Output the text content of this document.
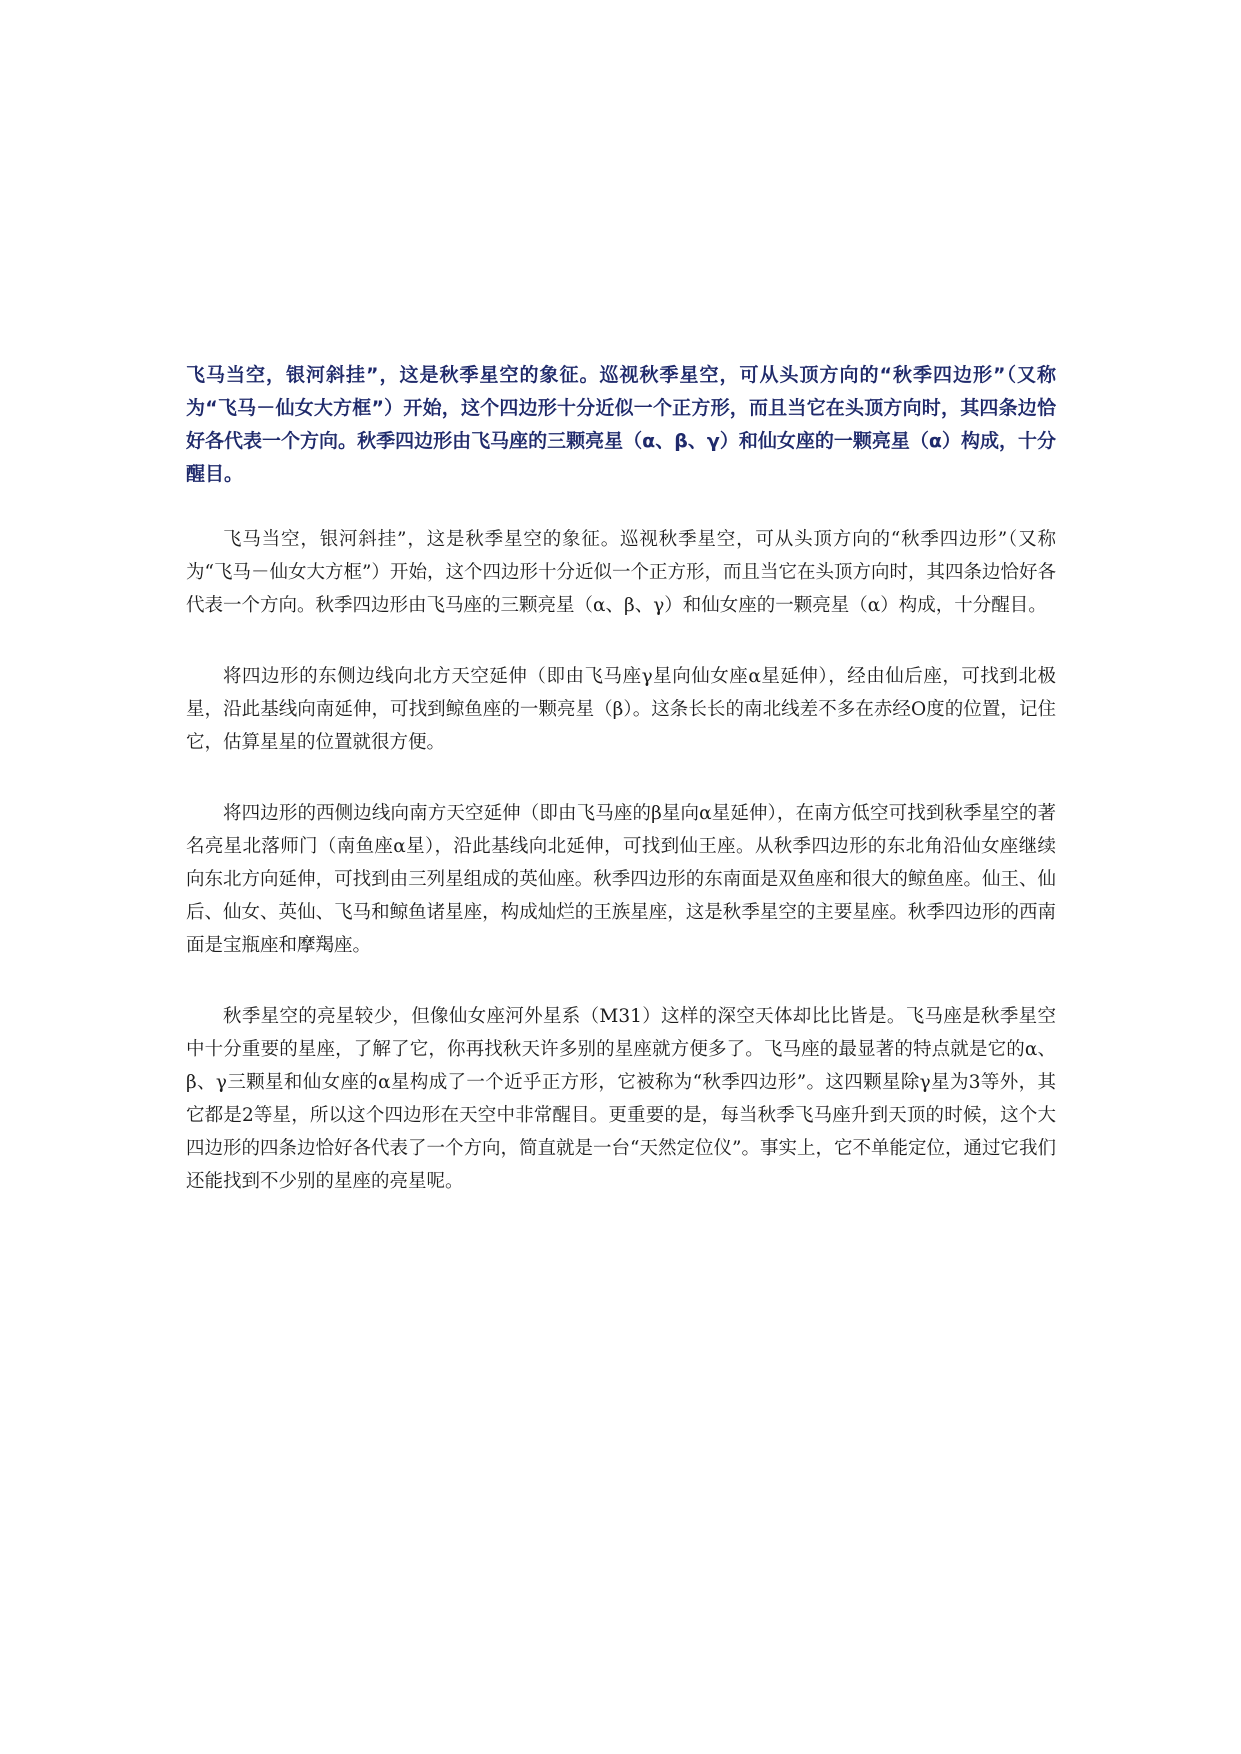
飞马当空，银河斜挂”，这是秋季星空的象征。巡视秋季星空，可从头顶方向的“秋季四边形”（又称为“飞马－仙女大方框”）开始，这个四边形十分近似一个正方形，而且当它在头顶方向时，其四条边恰好各代表一个方向。秋季四边形由飞马座的三颗亮星（α、β、γ）和仙女座的一颗亮星（α）构成，十分醒目。

飞马当空，银河斜挂”，这是秋季星空的象征。巡视秋季星空，可从头顶方向的“秋季四边形”（又称为“飞马－仙女大方框”）开始，这个四边形十分近似一个正方形，而且当它在头顶方向时，其四条边恰好各代表一个方向。秋季四边形由飞马座的三颗亮星（α、β、γ）和仙女座的一颗亮星（α）构成，十分醒目。

将四边形的东侧边线向北方天空延伸（即由飞马座γ星向仙女座α星延伸），经由仙后座，可找到北极星，沿此基线向南延伸，可找到鲸鱼座的一颗亮星（β）。这条长长的南北线差不多在赤经O度的位置，记住它，估算星星的位置就很方便。

将四边形的西侧边线向南方天空延伸（即由飞马座的β星向α星延伸），在南方低空可找到秋季星空的著名亮星北落师门（南鱼座α星），沿此基线向北延伸，可找到仙王座。从秋季四边形的东北角沿仙女座继续向东北方向延伸，可找到由三列星组成的英仙座。秋季四边形的东南面是双鱼座和很大的鲸鱼座。仙王、仙后、仙女、英仙、飞马和鲸鱼诸星座，构成灿烂的王族星座，这是秋季星空的主要星座。秋季四边形的西南面是宝瓶座和摩羯座。

秋季星空的亮星较少，但像仙女座河外星系（M31）这样的深空天体却比比皆是。飞马座是秋季星空中十分重要的星座，了解了它，你再找秋天许多别的星座就方便多了。飞马座的最显著的特点就是它的α、β、γ三颗星和仙女座的α星构成了一个近乎正方形，它被称为“秋季四边形”。这四颗星除γ星为3等外，其它都是2等星，所以这个四边形在天空中非常醒目。更重要的是，每当秋季飞马座升到天顶的时候，这个大四边形的四条边恰好各代表了一个方向，简直就是一台“天然定位仪”。事实上，它不单能定位，通过它我们还能找到不少别的星座的亮星呢。
